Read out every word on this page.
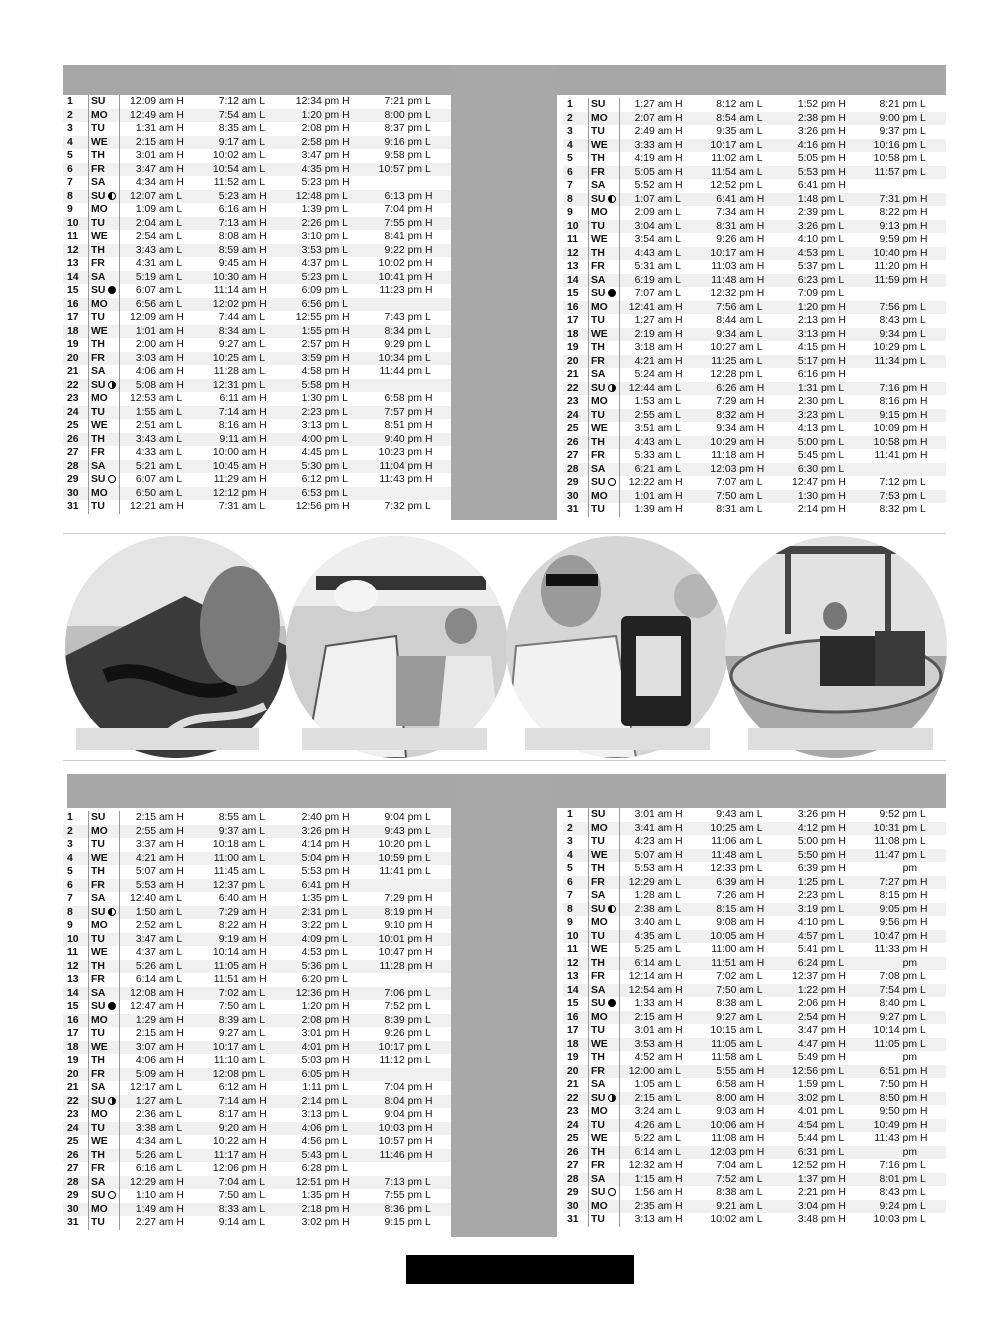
1	SU	12:09 am H	7:12 am L	12:34 pm H	7:21 pm L
2	MO	12:49 am H	7:54 am L	1:20 pm H	8:00 pm L
3	TU	1:31 am H	8:35 am L	2:08 pm H	8:37 pm L
4	WE	2:15 am H	9:17 am L	2:58 pm H	9:16 pm L
5	TH	3:01 am H	10:02 am L	3:47 pm H	9:58 pm L
6	FR	3:47 am H	10:54 am L	4:35 pm H	10:57 pm L
7	SA	4:34 am H	11:52 am L	5:23 pm H	
8	SU	12:07 am L	5:23 am H	12:48 pm L	6:13 pm H
9	MO	1:09 am L	6:16 am H	1:39 pm L	7:04 pm H
10	TU	2:04 am L	7:13 am H	2:26 pm L	7:55 pm H
11	WE	2:54 am L	8:08 am H	3:10 pm L	8:41 pm H
12	TH	3:43 am L	8:59 am H	3:53 pm L	9:22 pm H
13	FR	4:31 am L	9:45 am H	4:37 pm L	10:02 pm H
14	SA	5:19 am L	10:30 am H	5:23 pm L	10:41 pm H
15	SU	6:07 am L	11:14 am H	6:09 pm L	11:23 pm H
16	MO	6:56 am L	12:02 pm H	6:56 pm L	
17	TU	12:09 am H	7:44 am L	12:55 pm H	7:43 pm L
18	WE	1:01 am H	8:34 am L	1:55 pm H	8:34 pm L
19	TH	2:00 am H	9:27 am L	2:57 pm H	9:29 pm L
20	FR	3:03 am H	10:25 am L	3:59 pm H	10:34 pm L
21	SA	4:06 am H	11:28 am L	4:58 pm H	11:44 pm L
22	SU	5:08 am H	12:31 pm L	5:58 pm H	
23	MO	12:53 am L	6:11 am H	1:30 pm L	6:58 pm H
24	TU	1:55 am L	7:14 am H	2:23 pm L	7:57 pm H
25	WE	2:51 am L	8:16 am H	3:13 pm L	8:51 pm H
26	TH	3:43 am L	9:11 am H	4:00 pm L	9:40 pm H
27	FR	4:33 am L	10:00 am H	4:45 pm L	10:23 pm H
28	SA	5:21 am L	10:45 am H	5:30 pm L	11:04 pm H
29	SU	6:07 am L	11:29 am H	6:12 pm L	11:43 pm H
30	MO	6:50 am L	12:12 pm H	6:53 pm L	
31	TU	12:21 am H	7:31 am L	12:56 pm H	7:32 pm L
1	SU	1:27 am H	8:12 am L	1:52 pm H	8:21 pm L
2	MO	2:07 am H	8:54 am L	2:38 pm H	9:00 pm L
3	TU	2:49 am H	9:35 am L	3:26 pm H	9:37 pm L
4	WE	3:33 am H	10:17 am L	4:16 pm H	10:16 pm L
5	TH	4:19 am H	11:02 am L	5:05 pm H	10:58 pm L
6	FR	5:05 am H	11:54 am L	5:53 pm H	11:57 pm L
7	SA	5:52 am H	12:52 pm L	6:41 pm H	
8	SU	1:07 am L	6:41 am H	1:48 pm L	7:31 pm H
9	MO	2:09 am L	7:34 am H	2:39 pm L	8:22 pm H
10	TU	3:04 am L	8:31 am H	3:26 pm L	9:13 pm H
11	WE	3:54 am L	9:26 am H	4:10 pm L	9:59 pm H
12	TH	4:43 am L	10:17 am H	4:53 pm L	10:40 pm H
13	FR	5:31 am L	11:03 am H	5:37 pm L	11:20 pm H
14	SA	6:19 am L	11:48 am H	6:23 pm L	11:59 pm H
15	SU	7:07 am L	12:32 pm H	7:09 pm L	
16	MO	12:41 am H	7:56 am L	1:20 pm H	7:56 pm L
17	TU	1:27 am H	8:44 am L	2:13 pm H	8:43 pm L
18	WE	2:19 am H	9:34 am L	3:13 pm H	9:34 pm L
19	TH	3:18 am H	10:27 am L	4:15 pm H	10:29 pm L
20	FR	4:21 am H	11:25 am L	5:17 pm H	11:34 pm L
21	SA	5:24 am H	12:28 pm L	6:16 pm H	
22	SU	12:44 am L	6:26 am H	1:31 pm L	7:16 pm H
23	MO	1:53 am L	7:29 am H	2:30 pm L	8:16 pm H
24	TU	2:55 am L	8:32 am H	3:23 pm L	9:15 pm H
25	WE	3:51 am L	9:34 am H	4:13 pm L	10:09 pm H
26	TH	4:43 am L	10:29 am H	5:00 pm L	10:58 pm H
27	FR	5:33 am L	11:18 am H	5:45 pm L	11:41 pm H
28	SA	6:21 am L	12:03 pm H	6:30 pm L	
29	SU	12:22 am H	7:07 am L	12:47 pm H	7:12 pm L
30	MO	1:01 am H	7:50 am L	1:30 pm H	7:53 pm L
31	TU	1:39 am H	8:31 am L	2:14 pm H	8:32 pm L
1	SU	2:15 am H	8:55 am L	2:40 pm H	9:04 pm L
2	MO	2:55 am H	9:37 am L	3:26 pm H	9:43 pm L
3	TU	3:37 am H	10:18 am L	4:14 pm H	10:20 pm L
4	WE	4:21 am H	11:00 am L	5:04 pm H	10:59 pm L
5	TH	5:07 am H	11:45 am L	5:53 pm H	11:41 pm L
6	FR	5:53 am H	12:37 pm L	6:41 pm H	
7	SA	12:40 am L	6:40 am H	1:35 pm L	7:29 pm H
8	SU	1:50 am L	7:29 am H	2:31 pm L	8:19 pm H
9	MO	2:52 am L	8:22 am H	3:22 pm L	9:10 pm H
10	TU	3:47 am L	9:19 am H	4:09 pm L	10:01 pm H
11	WE	4:37 am L	10:14 am H	4:53 pm L	10:47 pm H
12	TH	5:26 am L	11:05 am H	5:36 pm L	11:28 pm H
13	FR	6:14 am L	11:51 am H	6:20 pm L	
14	SA	12:08 am H	7:02 am L	12:36 pm H	7:06 pm L
15	SU	12:47 am H	7:50 am L	1:20 pm H	7:52 pm L
16	MO	1:29 am H	8:39 am L	2:08 pm H	8:39 pm L
17	TU	2:15 am H	9:27 am L	3:01 pm H	9:26 pm L
18	WE	3:07 am H	10:17 am L	4:01 pm H	10:17 pm L
19	TH	4:06 am H	11:10 am L	5:03 pm H	11:12 pm L
20	FR	5:09 am H	12:08 pm L	6:05 pm H	
21	SA	12:17 am L	6:12 am H	1:11 pm L	7:04 pm H
22	SU	1:27 am L	7:14 am H	2:14 pm L	8:04 pm H
23	MO	2:36 am L	8:17 am H	3:13 pm L	9:04 pm H
24	TU	3:38 am L	9:20 am H	4:06 pm L	10:03 pm H
25	WE	4:34 am L	10:22 am H	4:56 pm L	10:57 pm H
26	TH	5:26 am L	11:17 am H	5:43 pm L	11:46 pm H
27	FR	6:16 am L	12:06 pm H	6:28 pm L	
28	SA	12:29 am H	7:04 am L	12:51 pm H	7:13 pm L
29	SU	1:10 am H	7:50 am L	1:35 pm H	7:55 pm L
30	MO	1:49 am H	8:33 am L	2:18 pm H	8:36 pm L
31	TU	2:27 am H	9:14 am L	3:02 pm H	9:15 pm L
1	SU	3:01 am H	9:43 am L	3:26 pm H	9:52 pm L
2	MO	3:41 am H	10:25 am L	4:12 pm H	10:31 pm L
3	TU	4:23 am H	11:06 am L	5:00 pm H	11:08 pm L
4	WE	5:07 am H	11:48 am L	5:50 pm H	11:47 pm L
5	TH	5:53 am H	12:33 pm L	6:39 pm H	pm
6	FR	12:29 am L	6:39 am H	1:25 pm L	7:27 pm H
7	SA	1:28 am L	7:26 am H	2:23 pm L	8:15 pm H
8	SU	2:38 am L	8:15 am H	3:19 pm L	9:05 pm H
9	MO	3:40 am L	9:08 am H	4:10 pm L	9:56 pm H
10	TU	4:35 am L	10:05 am H	4:57 pm L	10:47 pm H
11	WE	5:25 am L	11:00 am H	5:41 pm L	11:33 pm H
12	TH	6:14 am L	11:51 am H	6:24 pm L	pm
13	FR	12:14 am H	7:02 am L	12:37 pm H	7:08 pm L
14	SA	12:54 am H	7:50 am L	1:22 pm H	7:54 pm L
15	SU	1:33 am H	8:38 am L	2:06 pm H	8:40 pm L
16	MO	2:15 am H	9:27 am L	2:54 pm H	9:27 pm L
17	TU	3:01 am H	10:15 am L	3:47 pm H	10:14 pm L
18	WE	3:53 am H	11:05 am L	4:47 pm H	11:05 pm L
19	TH	4:52 am H	11:58 am L	5:49 pm H	pm
20	FR	12:00 am L	5:55 am H	12:56 pm L	6:51 pm H
21	SA	1:05 am L	6:58 am H	1:59 pm L	7:50 pm H
22	SU	2:15 am L	8:00 am H	3:02 pm L	8:50 pm H
23	MO	3:24 am L	9:03 am H	4:01 pm L	9:50 pm H
24	TU	4:26 am L	10:06 am H	4:54 pm L	10:49 pm H
25	WE	5:22 am L	11:08 am H	5:44 pm L	11:43 pm H
26	TH	6:14 am L	12:03 pm H	6:31 pm L	pm
27	FR	12:32 am H	7:04 am L	12:52 pm H	7:16 pm L
28	SA	1:15 am H	7:52 am L	1:37 pm H	8:01 pm L
29	SU	1:56 am H	8:38 am L	2:21 pm H	8:43 pm L
30	MO	2:35 am H	9:21 am L	3:04 pm H	9:24 pm L
31	TU	3:13 am H	10:02 am L	3:48 pm H	10:03 pm L
